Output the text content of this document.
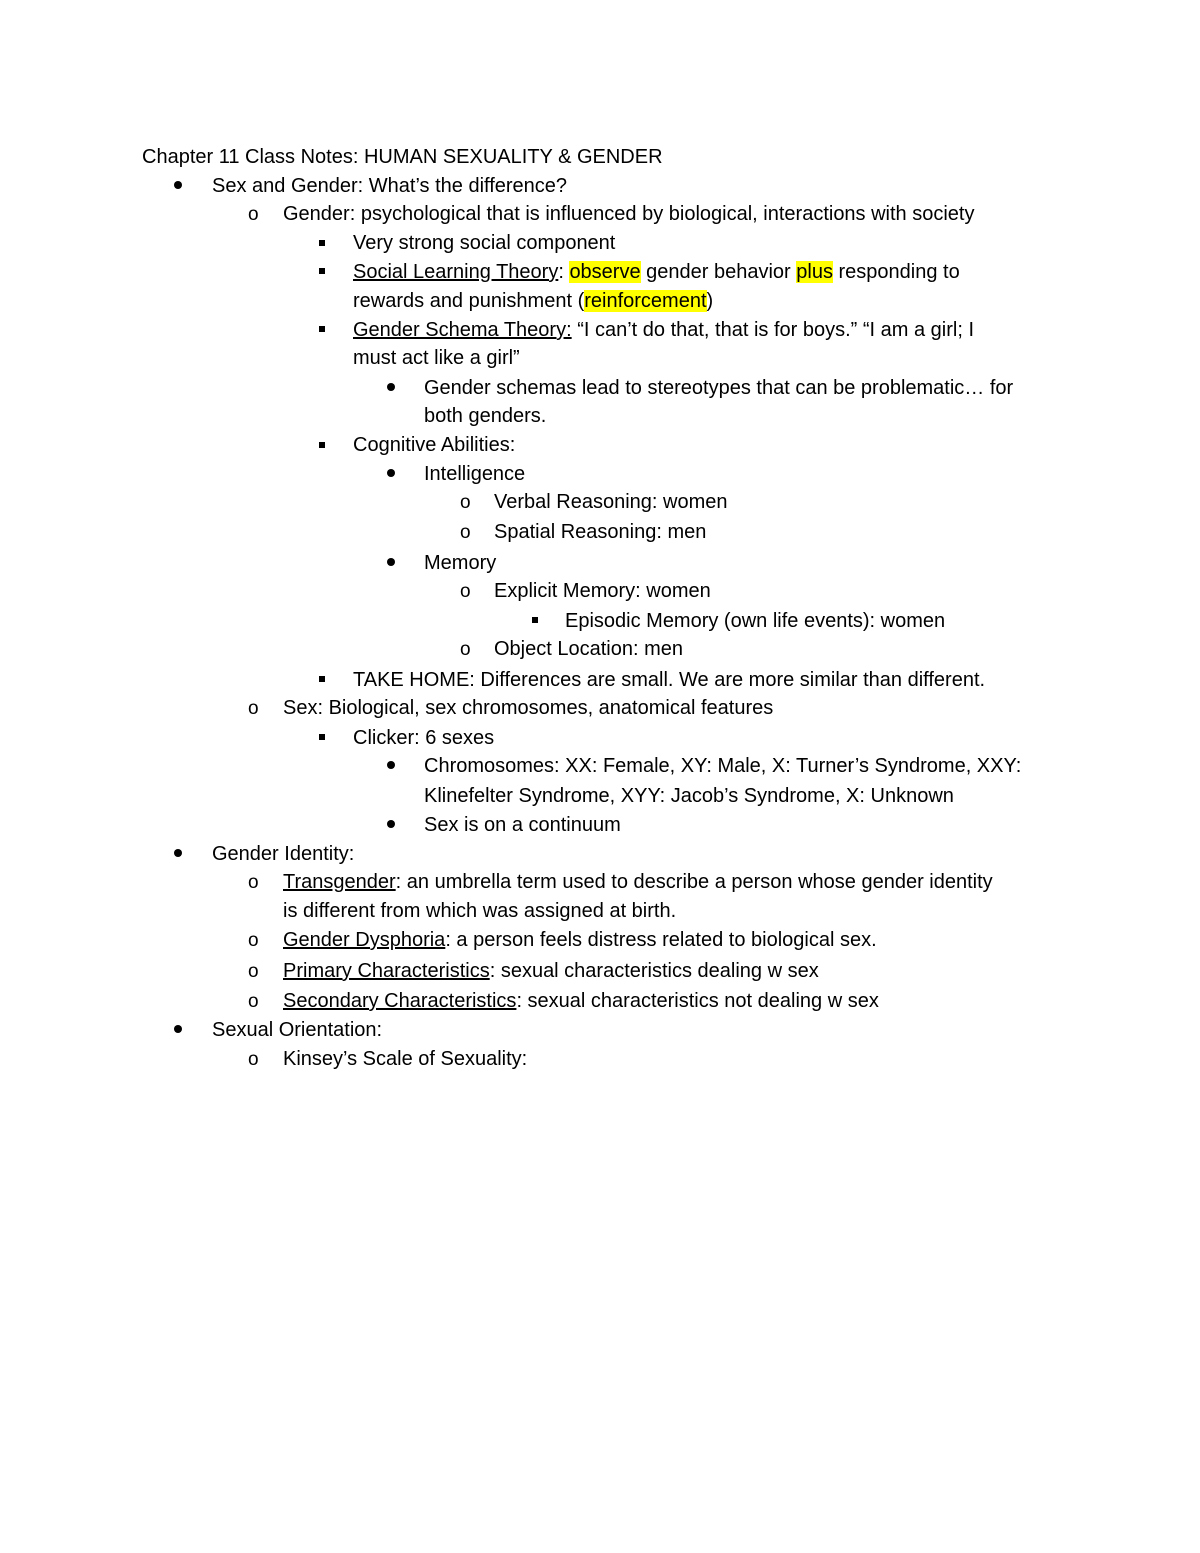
Chapter 11 Class Notes: HUMAN SEXUALITY & GENDER
Sex and Gender: What’s the difference?
o Gender: psychological that is influenced by biological, interactions with society
Very strong social component
Social Learning Theory: observe gender behavior plus responding to
rewards and punishment (reinforcement)
Gender Schema Theory: “I can’t do that, that is for boys.” “I am a girl; I
must act like a girl”
Gender schemas lead to stereotypes that can be problematic… for
both genders.
Cognitive Abilities:
Intelligence
o Verbal Reasoning: women
o Spatial Reasoning: men
Memory
o Explicit Memory: women
Episodic Memory (own life events): women
o Object Location: men
TAKE HOME: Differences are small. We are more similar than different.
o Sex: Biological, sex chromosomes, anatomical features
Clicker: 6 sexes
Chromosomes: XX: Female, XY: Male, X: Turner’s Syndrome, XXY:
Klinefelter Syndrome, XYY: Jacob’s Syndrome, X: Unknown
Sex is on a continuum
Gender Identity:
o Transgender: an umbrella term used to describe a person whose gender identity
is different from which was assigned at birth.
o Gender Dysphoria: a person feels distress related to biological sex.
o Primary Characteristics: sexual characteristics dealing w sex
o Secondary Characteristics: sexual characteristics not dealing w sex
Sexual Orientation:
o Kinsey’s Scale of Sexuality:
